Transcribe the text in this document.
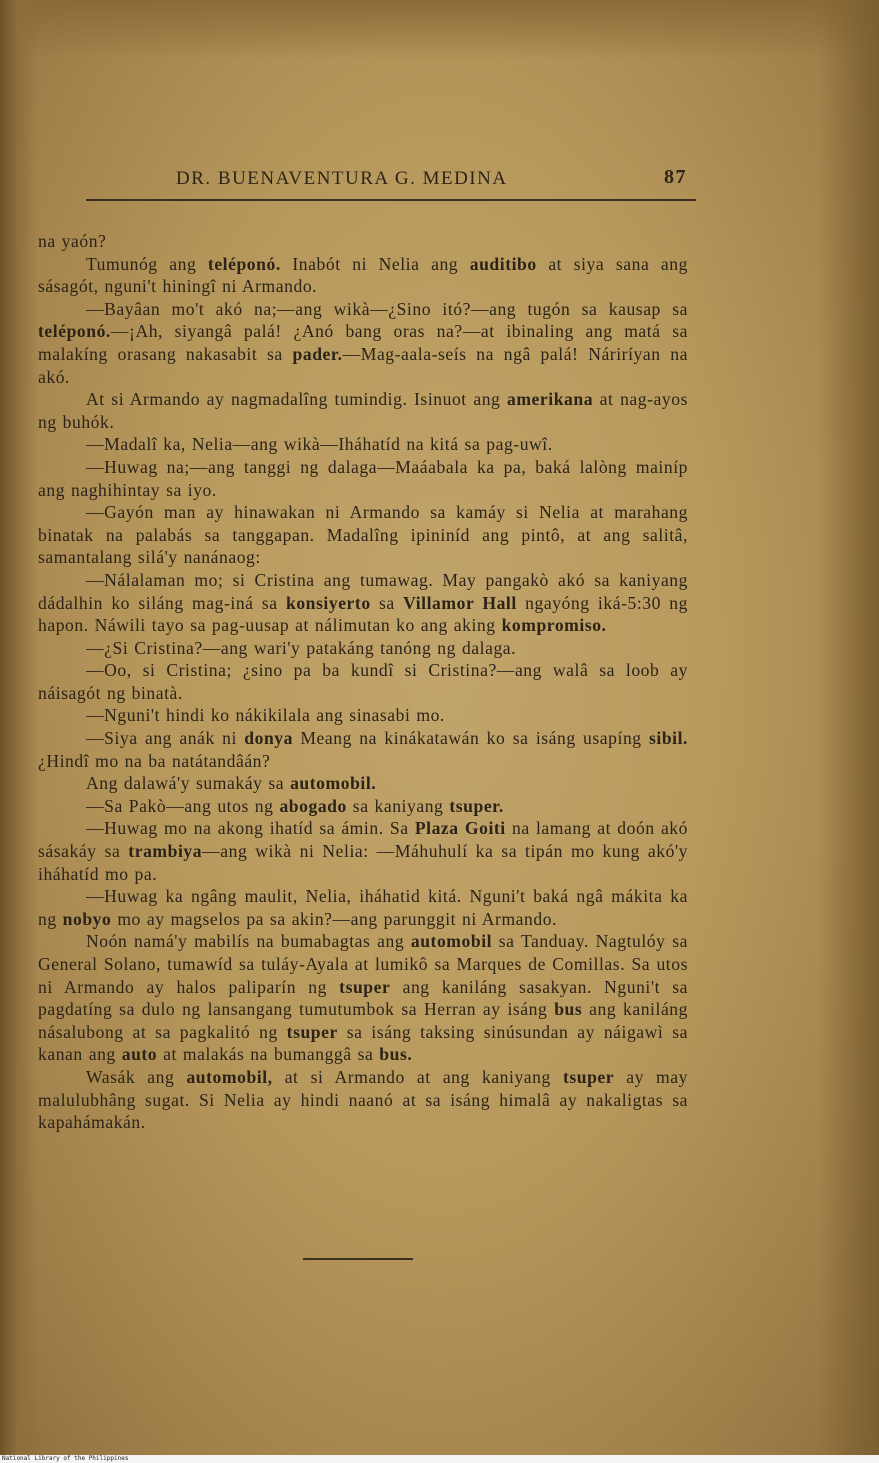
DR. BUENAVENTURA G. MEDINA	87

na yaón?

Tumunóg ang teléponó. Inabót ni Nelia ang auditibo at siya sana ang sásagót, nguni't hiningî ni Armando.

—Bayâan mo't akó na;—ang wikà—¿Sino itó?—ang tugón sa kausap sa teléponó.—¡Ah, siyangâ palá! ¿Anó bang oras na?—at ibinaling ang matá sa malakíng orasang nakasabit sa pader.—Mag-aala-seís na ngâ palá! Náriríyan na akó.

At si Armando ay nagmadalîng tumindig. Isinuot ang amerikana at nag-ayos ng buhók.

—Madalî ka, Nelia—ang wikà—Iháhatíd na kitá sa pag-uwî.

—Huwag na;—ang tanggi ng dalaga—Maáabala ka pa, baká lalòng mainíp ang naghihintay sa iyo.

—Gayón man ay hinawakan ni Armando sa kamáy si Nelia at marahang binatak na palabás sa tanggapan. Madalîng ipininíd ang pintô, at ang salitâ, samantalang silá'y nanánaog:

—Nálalaman mo; si Cristina ang tumawag. May pangakò akó sa kaniyang dádalhin ko siláng mag-iná sa konsiyerto sa Villamor Hall ngayóng iká-5:30 ng hapon. Náwili tayo sa pag-uusap at nálimutan ko ang aking kompromiso.

—¿Si Cristina?—ang wari'y patakáng tanóng ng dalaga.

—Oo, si Cristina; ¿sino pa ba kundî si Cristina?—ang walâ sa loob ay náisagót ng binatà.

—Nguni't hindi ko nákikilala ang sinasabi mo.

—Siya ang anák ni donya Meang na kinákatawán ko sa isáng usapíng sibil. ¿Hindî mo na ba natátandâán?

Ang dalawá'y sumakáy sa automobil.

—Sa Pakò—ang utos ng abogado sa kaniyang tsuper.

—Huwag mo na akong ihatíd sa ámin. Sa Plaza Goiti na lamang at doón akó sásakáy sa trambiya—ang wikà ni Nelia: —Máhuhulí ka sa tipán mo kung akó'y iháhatíd mo pa.

—Huwag ka ngâng maulit, Nelia, iháhatid kitá. Nguni't baká ngâ mákita ka ng nobyo mo ay magselos pa sa akin?—ang parunggit ni Armando.

Noón namá'y mabilís na bumabagtas ang automobil sa Tanduay. Nagtulóy sa General Solano, tumawíd sa tuláy-Ayala at lumikô sa Marques de Comillas. Sa utos ni Armando ay halos paliparín ng tsuper ang kaniláng sasakyan. Nguni't sa pagdatíng sa dulo ng lansangang tumutumbok sa Herran ay isáng bus ang kaniláng násalubong at sa pagkalitó ng tsuper sa isáng taksing sinúsundan ay náigawì sa kanan ang auto at malakás na bumanggâ sa bus.

Wasák ang automobil, at si Armando at ang kaniyang tsuper ay may malulubhâng sugat. Si Nelia ay hindi naanó at sa isáng himalâ ay nakaligtas sa kapahámakán.

National Library of the Philippines
